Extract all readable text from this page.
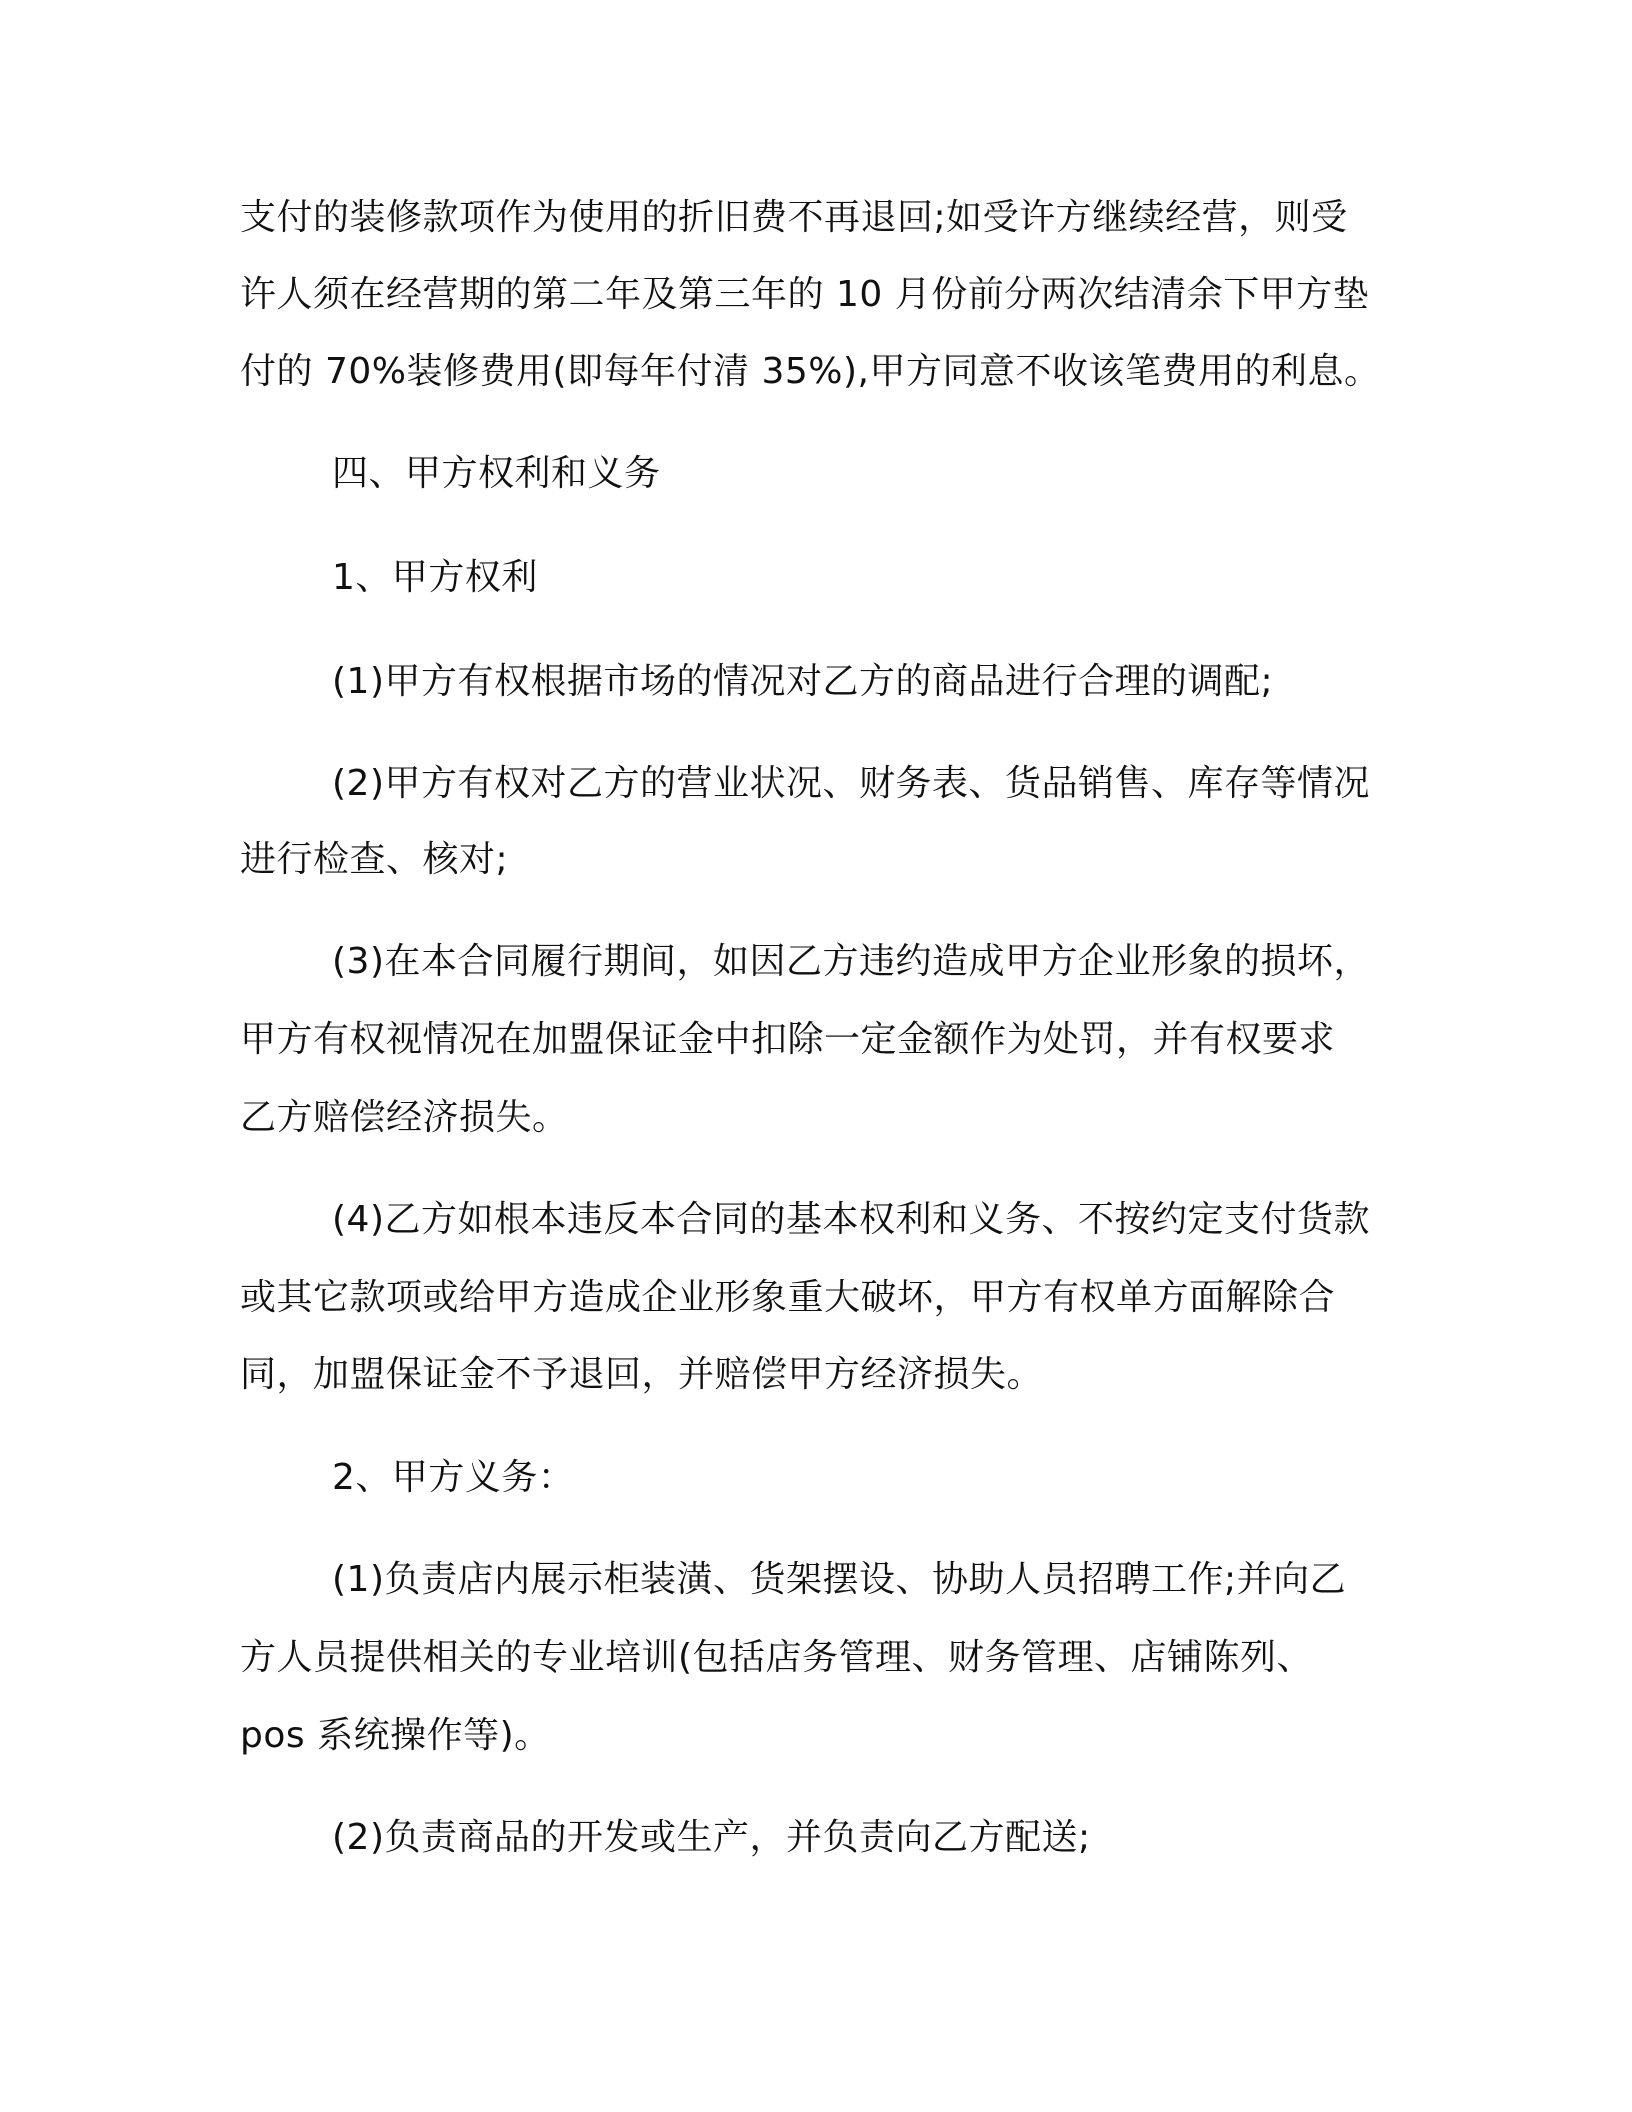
支付的装修款项作为使用的折旧费不再退回;如受许方继续经营，则受
许人须在经营期的第二年及第三年的 10 月份前分两次结清余下甲方垫
付的 70%装修费用(即每年付清 35%),甲方同意不收该笔费用的利息。
四、甲方权利和义务
1、甲方权利
(1)甲方有权根据市场的情况对乙方的商品进行合理的调配;
(2)甲方有权对乙方的营业状况、财务表、货品销售、库存等情况
进行检查、核对;
(3)在本合同履行期间，如因乙方违约造成甲方企业形象的损坏，
甲方有权视情况在加盟保证金中扣除一定金额作为处罚，并有权要求
乙方赔偿经济损失。
(4)乙方如根本违反本合同的基本权利和义务、不按约定支付货款
或其它款项或给甲方造成企业形象重大破坏，甲方有权单方面解除合
同，加盟保证金不予退回，并赔偿甲方经济损失。
2、甲方义务：
(1)负责店内展示柜装潢、货架摆设、协助人员招聘工作;并向乙
方人员提供相关的专业培训(包括店务管理、财务管理、店铺陈列、
pos 系统操作等)。
(2)负责商品的开发或生产，并负责向乙方配送;
